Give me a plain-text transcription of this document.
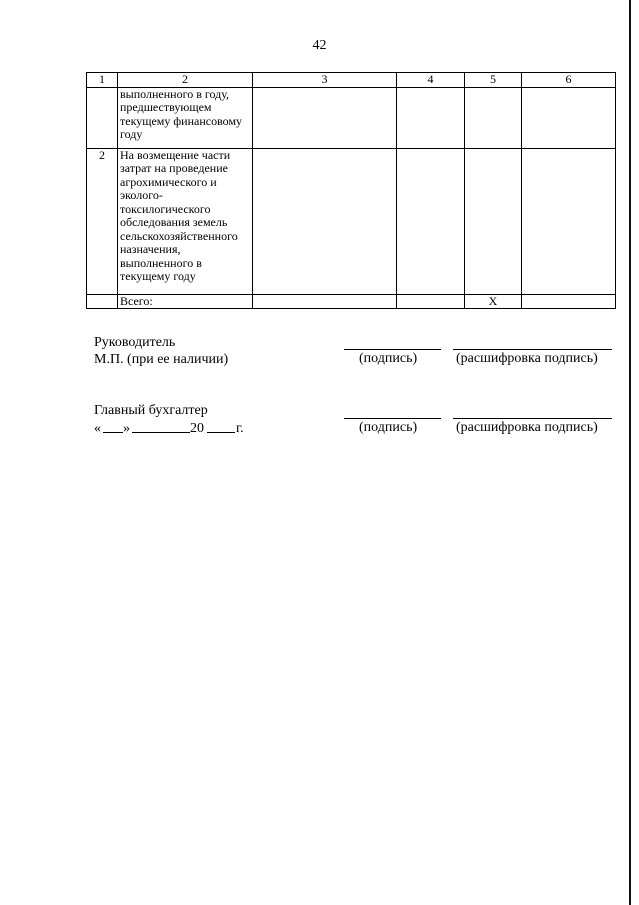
42
1	2	3	4	5	6
	выполненного в году, предшествующем текущему финансовому году				
2	На возмещение части затрат на проведение агрохимического и эколого-токсилогического обследования земель сельскохозяйственного назначения, выполненного в текущему году				
	Всего:			X	
Руководитель
М.П. (при ее наличии)	(подпись)	(расшифровка подпись)
Главный бухгалтер
(подпись)	(расшифровка подпись)
« »	20 г.
